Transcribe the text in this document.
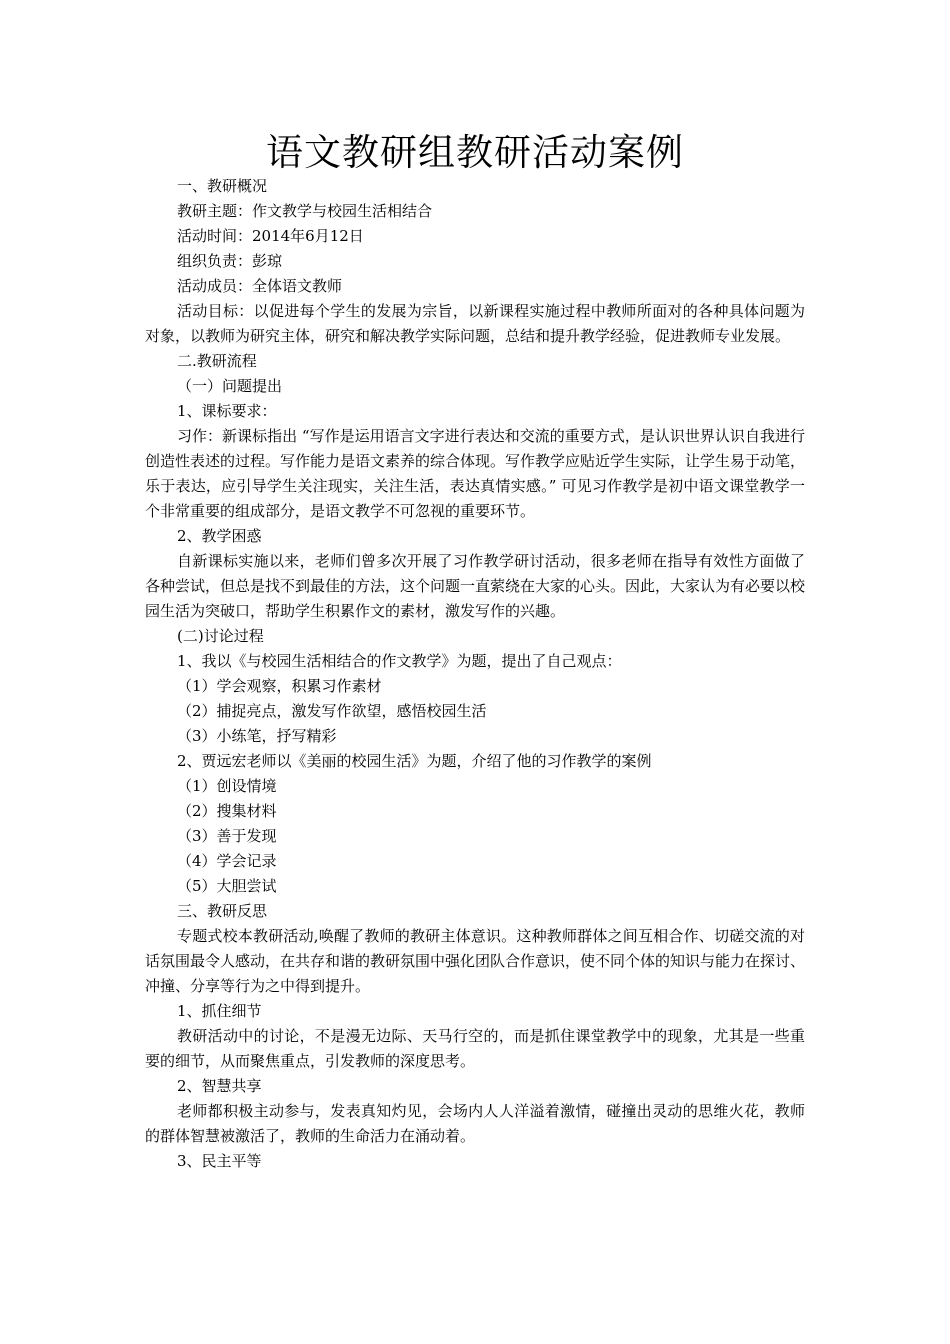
语文教研组教研活动案例

一、教研概况

教研主题：作文教学与校园生活相结合

活动时间：2014年6月12日

组织负责：彭琼

活动成员：全体语文教师

活动目标：以促进每个学生的发展为宗旨，以新课程实施过程中教师所面对的各种具体问题为对象，以教师为研究主体，研究和解决教学实际问题，总结和提升教学经验，促进教师专业发展。

二.教研流程

（一）问题提出

1、课标要求：

习作：新课标指出 “写作是运用语言文字进行表达和交流的重要方式，是认识世界认识自我进行创造性表述的过程。写作能力是语文素养的综合体现。写作教学应贴近学生实际，让学生易于动笔，乐于表达，应引导学生关注现实，关注生活，表达真情实感。” 可见习作教学是初中语文课堂教学一个非常重要的组成部分，是语文教学不可忽视的重要环节。

2、教学困惑

自新课标实施以来，老师们曾多次开展了习作教学研讨活动，很多老师在指导有效性方面做了各种尝试，但总是找不到最佳的方法，这个问题一直萦绕在大家的心头。因此，大家认为有必要以校园生活为突破口，帮助学生积累作文的素材，激发写作的兴趣。

(二)讨论过程

1、我以《与校园生活相结合的作文教学》为题，提出了自己观点：

（1）学会观察，积累习作素材

（2）捕捉亮点，激发写作欲望，感悟校园生活

（3）小练笔，抒写精彩

2、贾远宏老师以《美丽的校园生活》为题，介绍了他的习作教学的案例

（1）创设情境

（2）搜集材料

（3）善于发现

（4）学会记录

（5）大胆尝试

三、教研反思

专题式校本教研活动,唤醒了教师的教研主体意识。这种教师群体之间互相合作、切磋交流的对话氛围最令人感动，在共存和谐的教研氛围中强化团队合作意识，使不同个体的知识与能力在探讨、冲撞、分享等行为之中得到提升。

1、抓住细节

教研活动中的讨论，不是漫无边际、天马行空的，而是抓住课堂教学中的现象，尤其是一些重要的细节，从而聚焦重点，引发教师的深度思考。

2、智慧共享

老师都积极主动参与，发表真知灼见，会场内人人洋溢着激情，碰撞出灵动的思维火花，教师的群体智慧被激活了，教师的生命活力在涌动着。

3、民主平等
